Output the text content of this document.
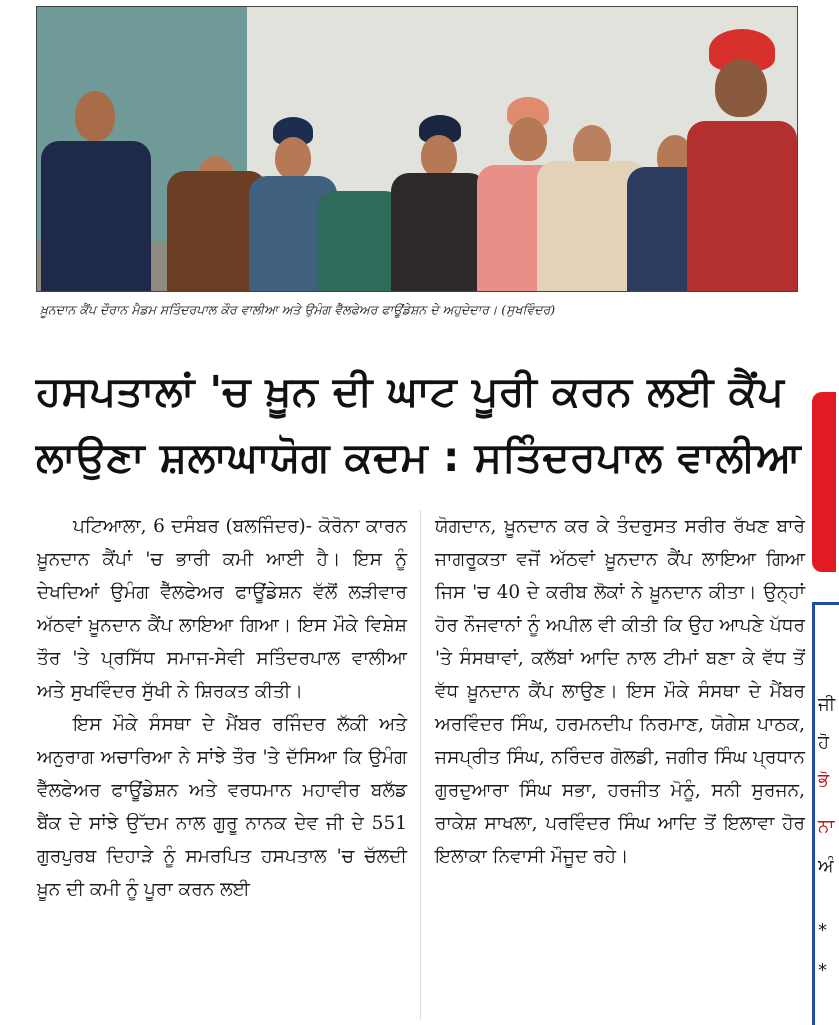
ਖ਼ੂਨਦਾਨ ਕੈਂਪ ਦੌਰਾਨ ਮੈਡਮ ਸਤਿੰਦਰਪਾਲ ਕੌਰ ਵਾਲੀਆ ਅਤੇ ਉਮੰਗ ਵੈੱਲਫੇਅਰ ਫਾਊਂਡੇਸ਼ਨ ਦੇ ਅਹੁਦੇਦਾਰ। (ਸੁਖਵਿੰਦਰ)
ਹਸਪਤਾਲਾਂ 'ਚ ਖ਼ੂਨ ਦੀ ਘਾਟ ਪੂਰੀ ਕਰਨ ਲਈ ਕੈਂਪ
ਲਾਉਣਾ ਸ਼ਲਾਘਾਯੋਗ ਕਦਮ : ਸਤਿੰਦਰਪਾਲ ਵਾਲੀਆ

ਪਟਿਆਲਾ, 6 ਦਸੰਬਰ (ਬਲਜਿੰਦਰ)- ਕੋਰੋਨਾ ਕਾਰਨ ਖ਼ੂਨਦਾਨ ਕੈਂਪਾਂ 'ਚ ਭਾਰੀ ਕਮੀ ਆਈ ਹੈ। ਇਸ ਨੂੰ ਦੇਖਦਿਆਂ ਉਮੰਗ ਵੈੱਲਫੇਅਰ ਫਾਊਂਡੇਸ਼ਨ ਵੱਲੋਂ ਲੜੀਵਾਰ ਅੱਠਵਾਂ ਖ਼ੂਨਦਾਨ ਕੈਂਪ ਲਾਇਆ ਗਿਆ। ਇਸ ਮੌਕੇ ਵਿਸ਼ੇਸ਼ ਤੌਰ 'ਤੇ ਪ੍ਰਸਿੱਧ ਸਮਾਜ-ਸੇਵੀ ਸਤਿੰਦਰਪਾਲ ਵਾਲੀਆ ਅਤੇ ਸੁਖਵਿੰਦਰ ਸੁੱਖੀ ਨੇ ਸ਼ਿਰਕਤ ਕੀਤੀ।

ਇਸ ਮੌਕੇ ਸੰਸਥਾ ਦੇ ਮੈਂਬਰ ਰਜਿੰਦਰ ਲੱਕੀ ਅਤੇ ਅਨੁਰਾਗ ਅਚਾਰਿਆ ਨੇ ਸਾਂਝੇ ਤੌਰ 'ਤੇ ਦੱਸਿਆ ਕਿ ਉਮੰਗ ਵੈੱਲਫੇਅਰ ਫਾਊਂਡੇਸ਼ਨ ਅਤੇ ਵਰਧਮਾਨ ਮਹਾਵੀਰ ਬਲੱਡ ਬੈਂਕ ਦੇ ਸਾਂਝੇ ਉੱਦਮ ਨਾਲ ਗੁਰੂ ਨਾਨਕ ਦੇਵ ਜੀ ਦੇ 551 ਗੁਰਪੁਰਬ ਦਿਹਾੜੇ ਨੂੰ ਸਮਰਪਿਤ ਹਸਪਤਾਲ 'ਚ ਚੱਲਦੀ ਖ਼ੂਨ ਦੀ ਕਮੀ ਨੂੰ ਪੂਰਾ ਕਰਨ ਲਈ

ਯੋਗਦਾਨ, ਖ਼ੂਨਦਾਨ ਕਰ ਕੇ ਤੰਦਰੁਸਤ ਸਰੀਰ ਰੱਖਣ ਬਾਰੇ ਜਾਗਰੂਕਤਾ ਵਜੋਂ ਅੱਠਵਾਂ ਖ਼ੂਨਦਾਨ ਕੈਂਪ ਲਾਇਆ ਗਿਆ ਜਿਸ 'ਚ 40 ਦੇ ਕਰੀਬ ਲੋਕਾਂ ਨੇ ਖ਼ੂਨਦਾਨ ਕੀਤਾ। ਉਨ੍ਹਾਂ ਹੋਰ ਨੌਜਵਾਨਾਂ ਨੂੰ ਅਪੀਲ ਵੀ ਕੀਤੀ ਕਿ ਉਹ ਆਪਣੇ ਪੱਧਰ 'ਤੇ ਸੰਸਥਾਵਾਂ, ਕਲੱਬਾਂ ਆਦਿ ਨਾਲ ਟੀਮਾਂ ਬਣਾ ਕੇ ਵੱਧ ਤੋਂ ਵੱਧ ਖ਼ੂਨਦਾਨ ਕੈਂਪ ਲਾਉਣ। ਇਸ ਮੌਕੇ ਸੰਸਥਾ ਦੇ ਮੈਂਬਰ ਅਰਵਿੰਦਰ ਸਿੰਘ, ਹਰਮਨਦੀਪ ਨਿਰਮਾਣ, ਯੋਗੇਸ਼ ਪਾਠਕ, ਜਸਪ੍ਰੀਤ ਸਿੰਘ, ਨਰਿੰਦਰ ਗੋਲਡੀ, ਜਗੀਰ ਸਿੰਘ ਪ੍ਰਧਾਨ ਗੁਰਦੁਆਰਾ ਸਿੰਘ ਸਭਾ, ਹਰਜੀਤ ਮੋਨੂੰ, ਸਨੀ ਸੁਰਜਨ, ਰਾਕੇਸ਼ ਸਾਖਲਾ, ਪਰਵਿੰਦਰ ਸਿੰਘ ਆਦਿ ਤੋਂ ਇਲਾਵਾ ਹੋਰ ਇਲਾਕਾ ਨਿਵਾਸੀ ਮੌਜੂਦ ਰਹੇ।

ਜੀ
ਹੋ
ਭੋ
ਨਾ
ਅੰ
*
*
